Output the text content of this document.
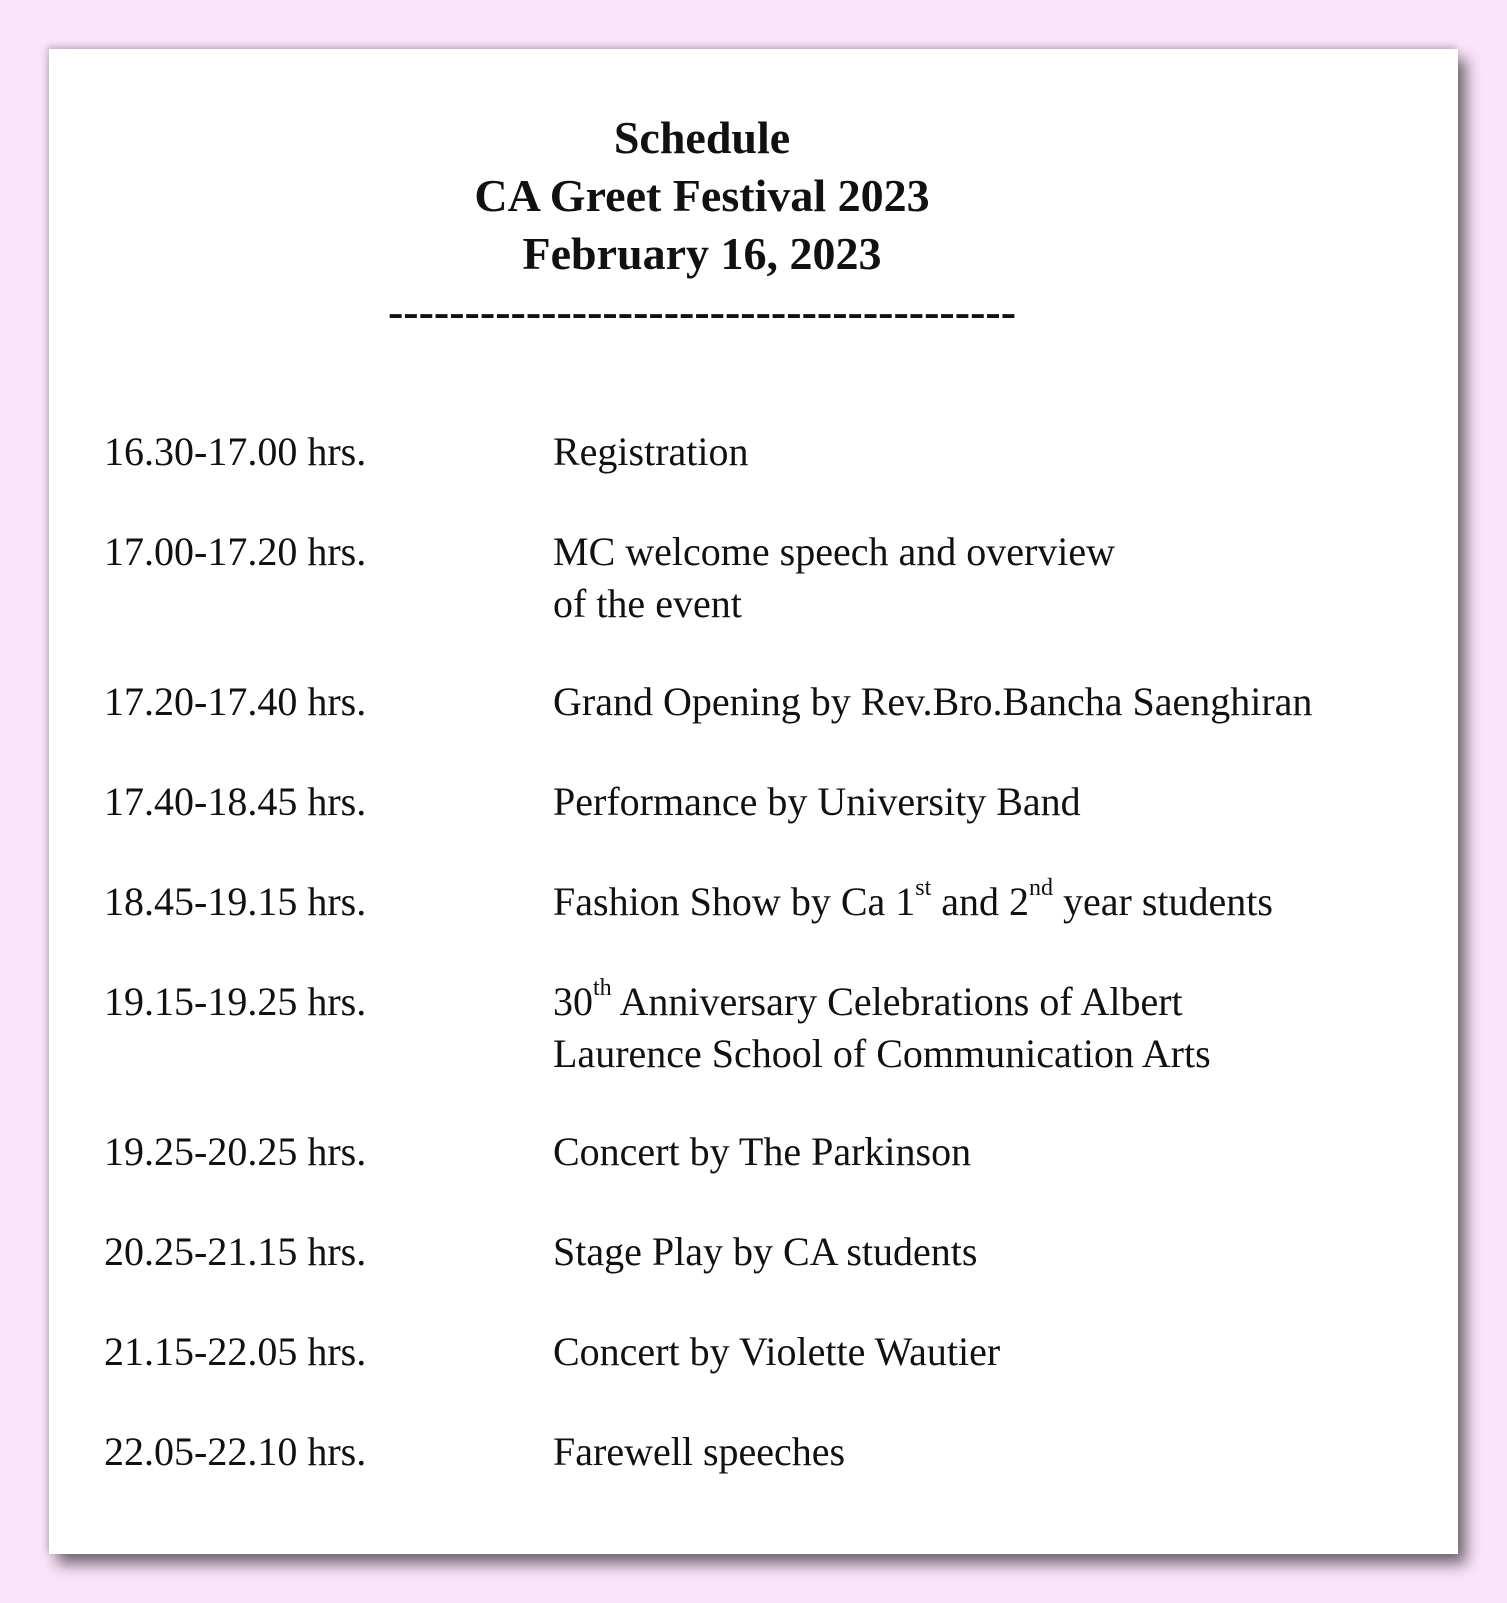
Schedule
CA Greet Festival 2023
February 16, 2023
-----------------------------------------
16.30-17.00 hrs.	Registration
17.00-17.20 hrs.	MC welcome speech and overview
of the event
17.20-17.40 hrs.	Grand Opening by Rev.Bro.Bancha Saenghiran
17.40-18.45 hrs.	Performance by University Band
18.45-19.15 hrs.	Fashion Show by Ca 1st and 2nd year students
19.15-19.25 hrs.	30th Anniversary Celebrations of Albert
Laurence School of Communication Arts
19.25-20.25 hrs.	Concert by The Parkinson
20.25-21.15 hrs.	Stage Play by CA students
21.15-22.05 hrs.	Concert by Violette Wautier
22.05-22.10 hrs.	Farewell speeches
